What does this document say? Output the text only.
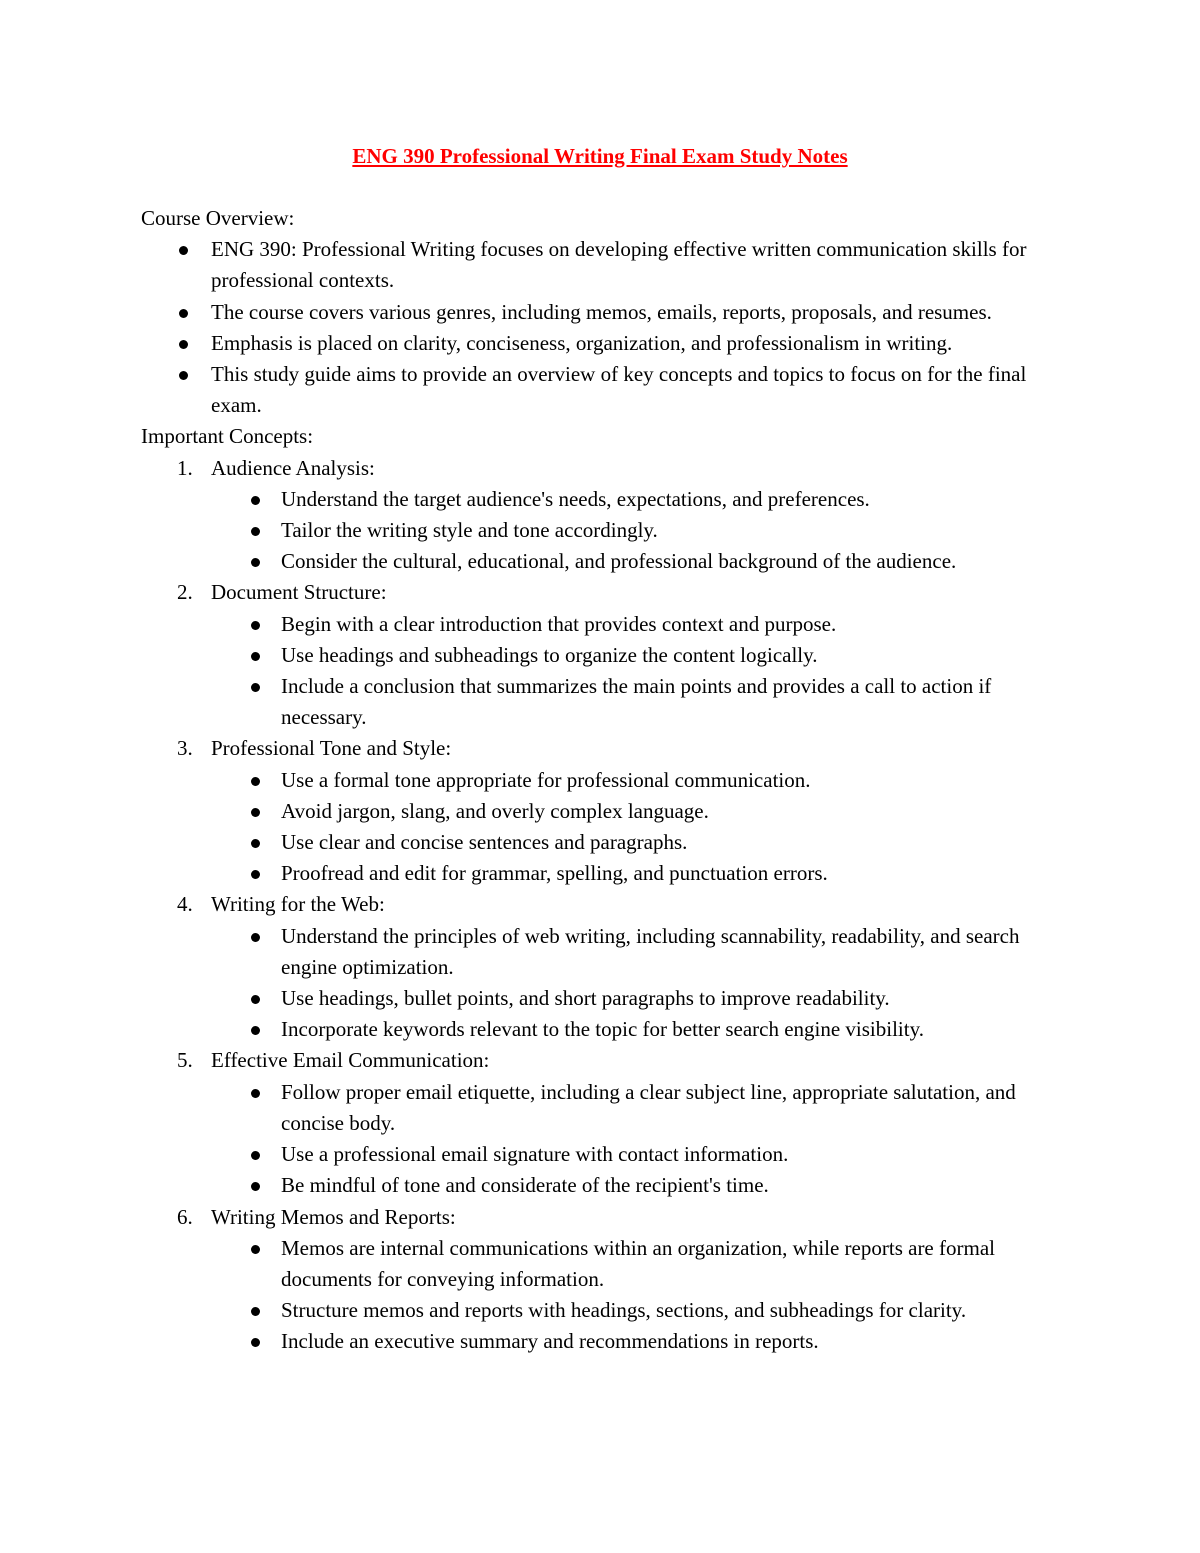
ENG 390 Professional Writing Final Exam Study Notes

Course Overview:

ENG 390: Professional Writing focuses on developing effective written communication skills for professional contexts.
The course covers various genres, including memos, emails, reports, proposals, and resumes.
Emphasis is placed on clarity, conciseness, organization, and professionalism in writing.
This study guide aims to provide an overview of key concepts and topics to focus on for the final exam.

Important Concepts:

1. Audience Analysis:
Understand the target audience's needs, expectations, and preferences.
Tailor the writing style and tone accordingly.
Consider the cultural, educational, and professional background of the audience.
2. Document Structure:
Begin with a clear introduction that provides context and purpose.
Use headings and subheadings to organize the content logically.
Include a conclusion that summarizes the main points and provides a call to action if necessary.
3. Professional Tone and Style:
Use a formal tone appropriate for professional communication.
Avoid jargon, slang, and overly complex language.
Use clear and concise sentences and paragraphs.
Proofread and edit for grammar, spelling, and punctuation errors.
4. Writing for the Web:
Understand the principles of web writing, including scannability, readability, and search engine optimization.
Use headings, bullet points, and short paragraphs to improve readability.
Incorporate keywords relevant to the topic for better search engine visibility.
5. Effective Email Communication:
Follow proper email etiquette, including a clear subject line, appropriate salutation, and concise body.
Use a professional email signature with contact information.
Be mindful of tone and considerate of the recipient's time.
6. Writing Memos and Reports:
Memos are internal communications within an organization, while reports are formal documents for conveying information.
Structure memos and reports with headings, sections, and subheadings for clarity.
Include an executive summary and recommendations in reports.
